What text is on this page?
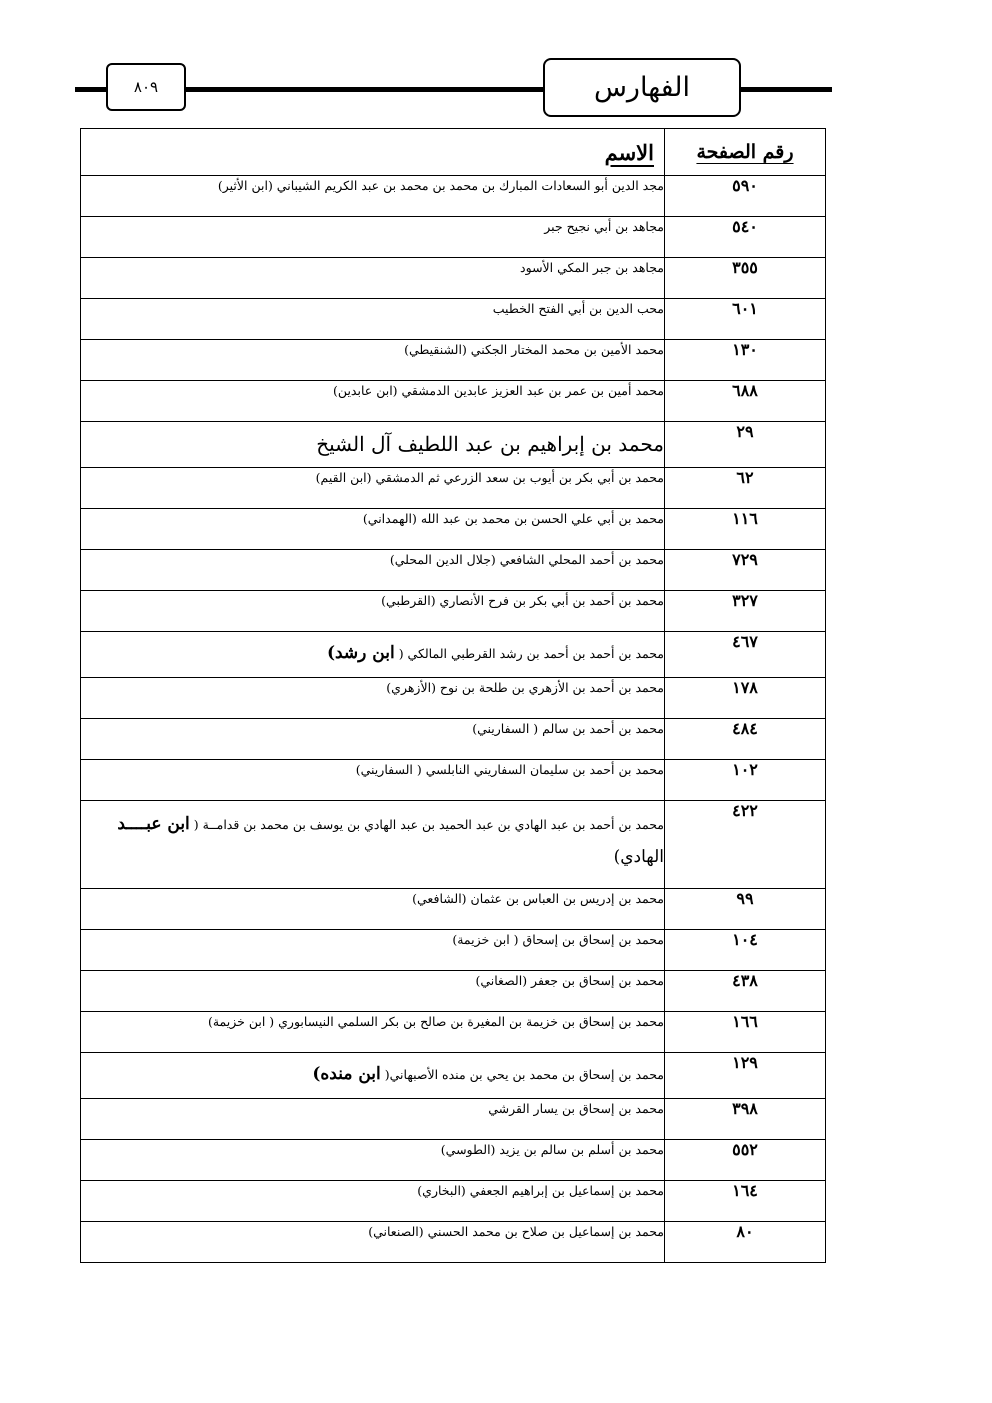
٨٠٩	الفهارس
الاسم	رقم الصفحة
مجد الدين أبو السعادات المبارك بن محمد بن محمد بن عبد الكريم الشيباني (ابن الأثير)	٥٩٠
مجاهد بن أبي نجيح جبر	٥٤٠
مجاهد بن جبر المكي الأسود	٣٥٥
محب الدين بن أبي الفتح الخطيب	٦٠١
محمد الأمين بن محمد المختار الجكني (الشنقيطي)	١٣٠
محمد أمين بن عمر بن عبد العزيز عابدين الدمشقي (ابن عابدين)	٦٨٨
محمد بن إبراهيم بن عبد اللطيف آل الشيخ	٢٩
محمد بن أبي بكر بن أيوب بن سعد الزرعي ثم الدمشقي (ابن القيم)	٦٢
محمد بن أبي علي الحسن بن محمد بن عبد الله (الهمداني)	١١٦
محمد بن أحمد المحلي الشافعي (جلال الدين المحلي)	٧٢٩
محمد بن أحمد بن أبي بكر بن فرح الأنصاري (القرطبي)	٣٢٧
محمد بن أحمد بن أحمد بن رشد القرطبي المالكي ( ابن رشد)	٤٦٧
محمد بن أحمد بن الأزهري بن طلحة بن نوح (الأزهري)	١٧٨
محمد بن أحمد بن سالم ( السفاريني)	٤٨٤
محمد بن أحمد بن سليمان السفاريني النابلسي ( السفاريني)	١٠٢
محمد بن أحمد بن عبد الهادي بن عبد الحميد بن عبد الهادي بن يوسف بن محمد بن قدامــة ( ابن عبــــد
الهادي)	٤٢٢
محمد بن إدريس بن العباس بن عثمان (الشافعي)	٩٩
محمد بن إسحاق بن إسحاق ( ابن خزيمة)	١٠٤
محمد بن إسحاق بن جعفر (الصغاني)	٤٣٨
محمد بن إسحاق بن خزيمة بن المغيرة بن صالح بن بكر السلمي النيسابوري ( ابن خزيمة)	١٦٦
محمد بن إسحاق بن محمد بن يحي بن منده الأصبهاني( ابن منده)	١٢٩
محمد بن إسحاق بن يسار القرشي	٣٩٨
محمد بن أسلم بن سالم بن يزيد (الطوسي)	٥٥٢
محمد بن إسماعيل بن إبراهيم الجعفي (البخاري)	١٦٤
محمد بن إسماعيل بن صلاح بن محمد الحسني (الصنعاني)	٨٠
